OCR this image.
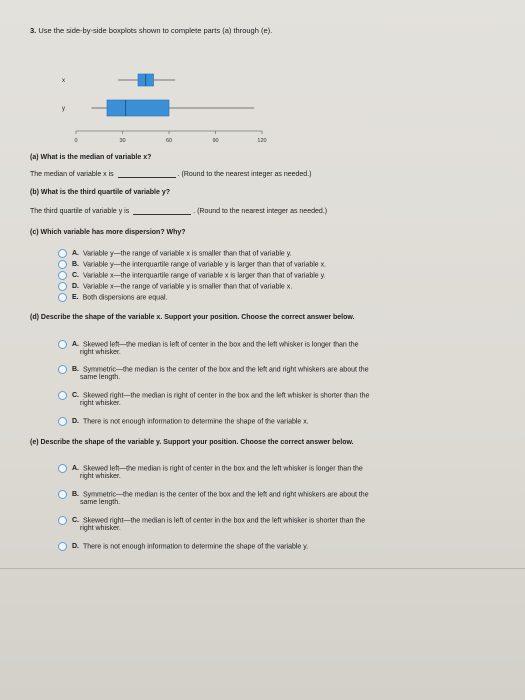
3. Use the side-by-side boxplots shown to complete parts (a) through (e).
x
y
0	30	60	90	120
(a) What is the median of variable x?
The median of variable x is	. (Round to the nearest integer as needed.)
(b) What is the third quartile of variable y?
The third quartile of variable y is	. (Round to the nearest integer as needed.)
(c) Which variable has more dispersion? Why?
A. Variable y—the range of variable x is smaller than that of variable y.
B. Variable y—the interquartile range of variable y is larger than that of variable x.
C. Variable x—the interquartile range of variable x is larger than that of variable y.
D. Variable x—the range of variable y is smaller than that of variable x.
E. Both dispersions are equal.
(d) Describe the shape of the variable x. Support your position. Choose the correct answer below.
A. Skewed left—the median is left of center in the box and the left whisker is longer than the
right whisker.
B. Symmetric—the median is the center of the box and the left and right whiskers are about the
same length.
C. Skewed right—the median is right of center in the box and the left whisker is shorter than the
right whisker.
D. There is not enough information to determine the shape of the variable x.
(e) Describe the shape of the variable y. Support your position. Choose the correct answer below.
A. Skewed left—the median is right of center in the box and the left whisker is longer than the
right whisker.
B. Symmetric—the median is the center of the box and the left and right whiskers are about the
same length.
C. Skewed right—the median is left of center in the box and the left whisker is shorter than the
right whisker.
D. There is not enough information to determine the shape of the variable y.
